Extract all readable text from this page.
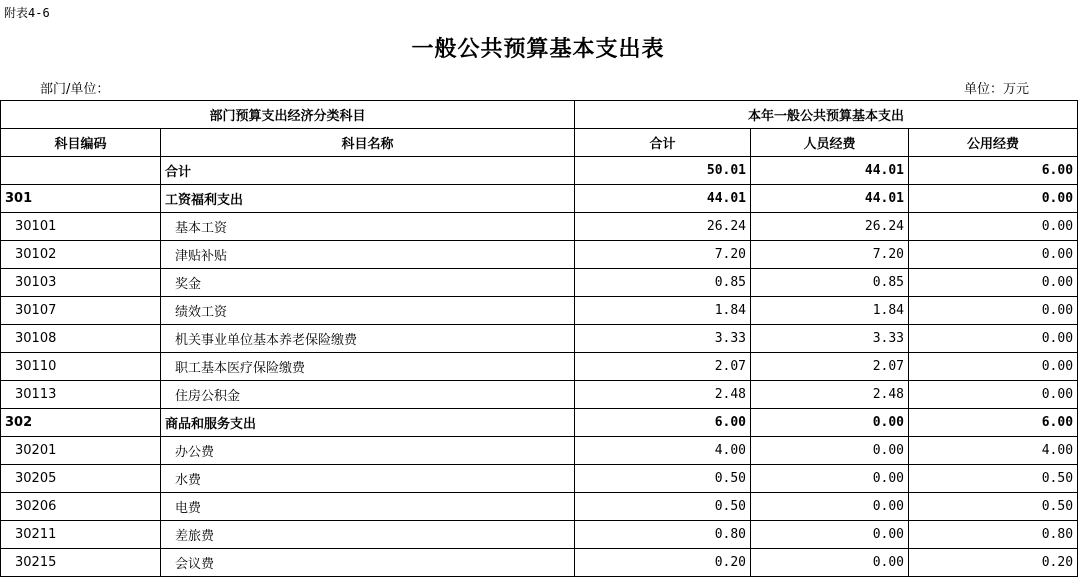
附表4-6
一般公共预算基本支出表
部门/单位：	单位：万元
部门预算支出经济分类科目		本年一般公共预算基本支出		
科目编码	科目名称	合计	人员经费	公用经费
	合计	50.01	44.01	6.00
301	工资福利支出	44.01	44.01	0.00
30101	基本工资	26.24	26.24	0.00
30102	津贴补贴	7.20	7.20	0.00
30103	奖金	0.85	0.85	0.00
30107	绩效工资	1.84	1.84	0.00
30108	机关事业单位基本养老保险缴费	3.33	3.33	0.00
30110	职工基本医疗保险缴费	2.07	2.07	0.00
30113	住房公积金	2.48	2.48	0.00
302	商品和服务支出	6.00	0.00	6.00
30201	办公费	4.00	0.00	4.00
30205	水费	0.50	0.00	0.50
30206	电费	0.50	0.00	0.50
30211	差旅费	0.80	0.00	0.80
30215	会议费	0.20	0.00	0.20
